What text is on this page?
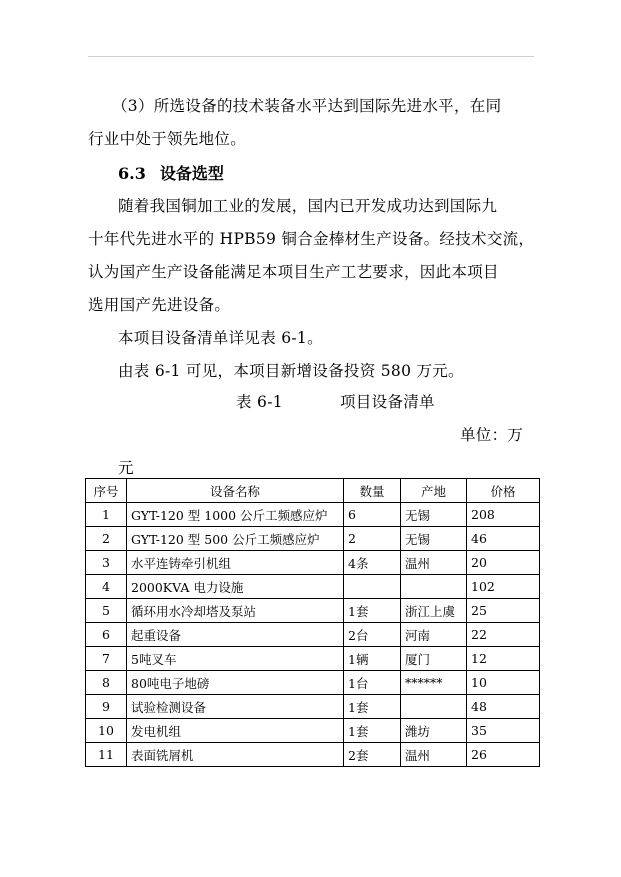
（3）所选设备的技术装备水平达到国际先进水平，在同
行业中处于领先地位。
6.3 设备选型
随着我国铜加工业的发展，国内已开发成功达到国际九
十年代先进水平的 HPB59 铜合金棒材生产设备。经技术交流，
认为国产生产设备能满足本项目生产工艺要求，因此本项目
选用国产先进设备。
本项目设备清单详见表 6-1。
由表 6-1 可见，本项目新增设备投资 580 万元。
表 6-1	项目设备清单
单位：万
元
序号	设备名称	数量	产地	价格
1	GYT-120 型 1000 公斤工频感应炉	6	无锡	208
2	GYT-120 型 500 公斤工频感应炉	2	无锡	46
3	水平连铸牵引机组	4条	温州	20
4	2000KVA 电力设施			102
5	循环用水冷却塔及泵站	1套	浙江上虞	25
6	起重设备	2台	河南	22
7	5吨叉车	1辆	厦门	12
8	80吨电子地磅	1台	******	10
9	试验检测设备	1套		48
10	发电机组	1套	潍坊	35
11	表面铣屑机	2套	温州	26
